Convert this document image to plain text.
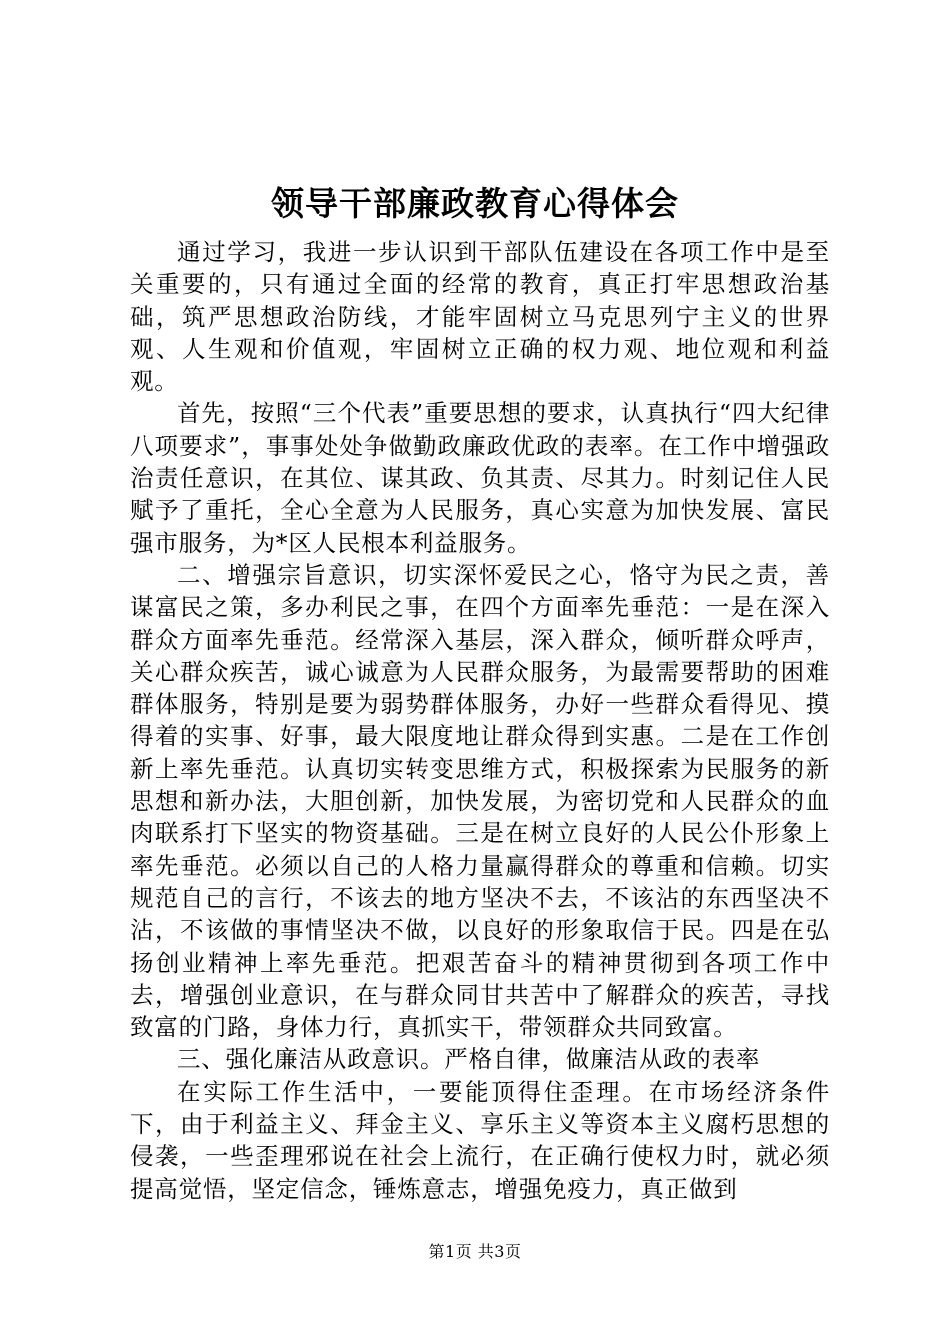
领导干部廉政教育心得体会

通过学习，我进一步认识到干部队伍建设在各项工作中是至关重要的，只有通过全面的经常的教育，真正打牢思想政治基础，筑严思想政治防线，才能牢固树立马克思列宁主义的世界观、人生观和价值观，牢固树立正确的权力观、地位观和利益观。

首先，按照“三个代表”重要思想的要求，认真执行“四大纪律八项要求”，事事处处争做勤政廉政优政的表率。在工作中增强政治责任意识，在其位、谋其政、负其责、尽其力。时刻记住人民赋予了重托，全心全意为人民服务，真心实意为加快发展、富民强市服务，为*区人民根本利益服务。

二、增强宗旨意识，切实深怀爱民之心，恪守为民之责，善谋富民之策，多办利民之事，在四个方面率先垂范：一是在深入群众方面率先垂范。经常深入基层，深入群众，倾听群众呼声，关心群众疾苦，诚心诚意为人民群众服务，为最需要帮助的困难群体服务，特别是要为弱势群体服务，办好一些群众看得见、摸得着的实事、好事，最大限度地让群众得到实惠。二是在工作创新上率先垂范。认真切实转变思维方式，积极探索为民服务的新思想和新办法，大胆创新，加快发展，为密切党和人民群众的血肉联系打下坚实的物资基础。三是在树立良好的人民公仆形象上率先垂范。必须以自己的人格力量赢得群众的尊重和信赖。切实规范自己的言行，不该去的地方坚决不去，不该沾的东西坚决不沾，不该做的事情坚决不做，以良好的形象取信于民。四是在弘扬创业精神上率先垂范。把艰苦奋斗的精神贯彻到各项工作中去，增强创业意识，在与群众同甘共苦中了解群众的疾苦，寻找致富的门路，身体力行，真抓实干，带领群众共同致富。

三、强化廉洁从政意识。严格自律，做廉洁从政的表率

在实际工作生活中，一要能顶得住歪理。在市场经济条件下，由于利益主义、拜金主义、享乐主义等资本主义腐朽思想的侵袭，一些歪理邪说在社会上流行，在正确行使权力时，就必须提高觉悟，坚定信念，锤炼意志，增强免疫力，真正做到

第1页 共3页
